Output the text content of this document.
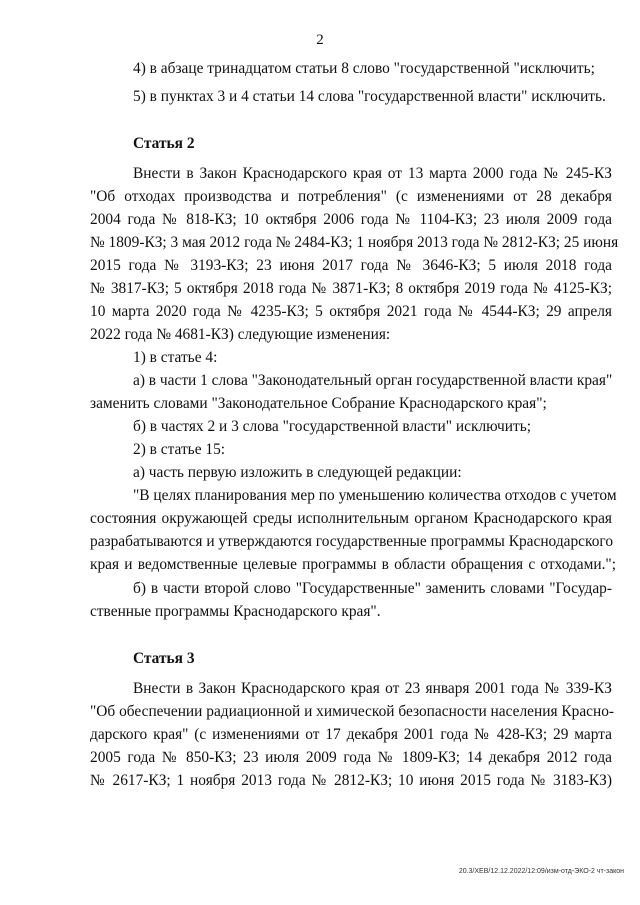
2
4) в абзаце тринадцатом статьи 8 слово "государственной "исключить;
5) в пунктах 3 и 4 статьи 14 слова "государственной власти" исключить.
Статья 2
Внести в Закон Краснодарского края от 13 марта 2000 года № 245-КЗ
"Об отходах производства и потребления" (с изменениями от 28 декабря
2004 года № 818-КЗ; 10 октября 2006 года № 1104-КЗ; 23 июля 2009 года
№ 1809-КЗ; 3 мая 2012 года № 2484-КЗ; 1 ноября 2013 года № 2812-КЗ; 25 июня
2015 года № 3193-КЗ; 23 июня 2017 года № 3646-КЗ; 5 июля 2018 года
№ 3817-КЗ; 5 октября 2018 года № 3871-КЗ; 8 октября 2019 года № 4125-КЗ;
10 марта 2020 года № 4235-КЗ; 5 октября 2021 года № 4544-КЗ; 29 апреля
2022 года № 4681-КЗ) следующие изменения:
1) в статье 4:
а) в части 1 слова "Законодательный орган государственной власти края"
заменить словами "Законодательное Собрание Краснодарского края";
б) в частях 2 и 3 слова "государственной власти" исключить;
2) в статье 15:
а) часть первую изложить в следующей редакции:
"В целях планирования мер по уменьшению количества отходов с учетом
состояния окружающей среды исполнительным органом Краснодарского края
разрабатываются и утверждаются государственные программы Краснодарского
края и ведомственные целевые программы в области обращения с отходами.";
б) в части второй слово "Государственные" заменить словами "Государ-
ственные программы Краснодарского края".
Статья 3
Внести в Закон Краснодарского края от 23 января 2001 года № 339-КЗ
"Об обеспечении радиационной и химической безопасности населения Красно-
дарского края" (с изменениями от 17 декабря 2001 года № 428-КЗ; 29 марта
2005 года № 850-КЗ; 23 июля 2009 года № 1809-КЗ; 14 декабря 2012 года
№ 2617-КЗ; 1 ноября 2013 года № 2812-КЗ; 10 июня 2015 года № 3183-КЗ)
20.3/ХЕВ/12.12.2022/12:09/изм-отд-ЭКО-2 чт-закон
